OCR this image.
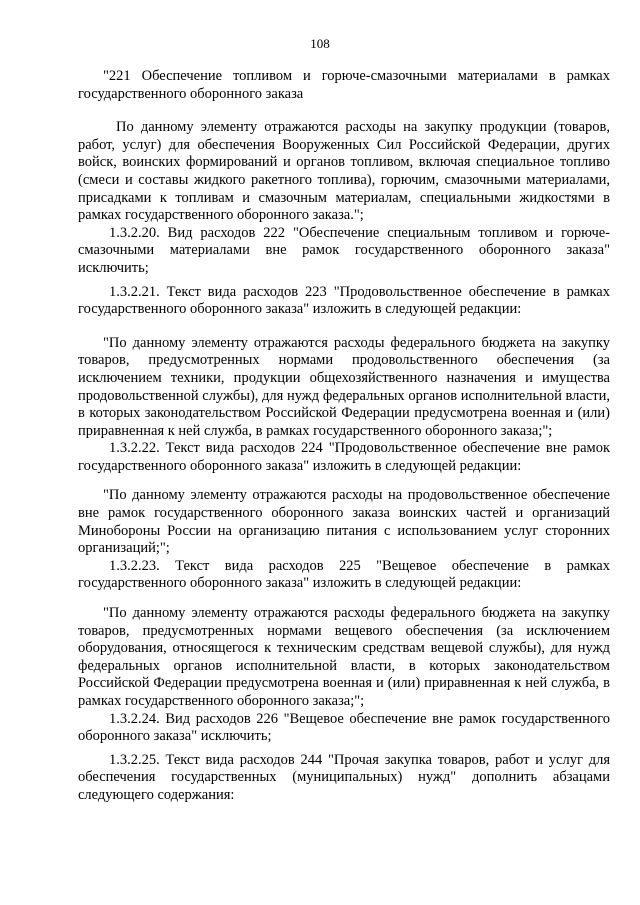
108

"221 Обеспечение топливом и горюче-смазочными материалами в рамках государственного оборонного заказа

По данному элементу отражаются расходы на закупку продукции (товаров, работ, услуг) для обеспечения Вооруженных Сил Российской Федерации, других войск, воинских формирований и органов топливом, включая специальное топливо (смеси и составы жидкого ракетного топлива), горючим, смазочными материалами, присадками к топливам и смазочным материалам, специальными жидкостями в рамках государственного оборонного заказа.";

1.3.2.20. Вид расходов 222 "Обеспечение специальным топливом и горюче-смазочными материалами вне рамок государственного оборонного заказа" исключить;

1.3.2.21. Текст вида расходов 223 "Продовольственное обеспечение в рамках государственного оборонного заказа" изложить в следующей редакции:

"По данному элементу отражаются расходы федерального бюджета на закупку товаров, предусмотренных нормами продовольственного обеспечения (за исключением техники, продукции общехозяйственного назначения и имущества продовольственной службы), для нужд федеральных органов исполнительной власти, в которых законодательством Российской Федерации предусмотрена военная и (или) приравненная к ней служба, в рамках государственного оборонного заказа;";

1.3.2.22. Текст вида расходов 224 "Продовольственное обеспечение вне рамок государственного оборонного заказа" изложить в следующей редакции:

"По данному элементу отражаются расходы на продовольственное обеспечение вне рамок государственного оборонного заказа воинских частей и организаций Минобороны России на организацию питания с использованием услуг сторонних организаций;";

1.3.2.23. Текст вида расходов 225 "Вещевое обеспечение в рамках государственного оборонного заказа" изложить в следующей редакции:

"По данному элементу отражаются расходы федерального бюджета на закупку товаров, предусмотренных нормами вещевого обеспечения (за исключением оборудования, относящегося к техническим средствам вещевой службы), для нужд федеральных органов исполнительной власти, в которых законодательством Российской Федерации предусмотрена военная и (или) приравненная к ней служба, в рамках государственного оборонного заказа;";

1.3.2.24. Вид расходов 226 "Вещевое обеспечение вне рамок государственного оборонного заказа" исключить;

1.3.2.25. Текст вида расходов 244 "Прочая закупка товаров, работ и услуг для обеспечения государственных (муниципальных) нужд" дополнить абзацами следующего содержания:
